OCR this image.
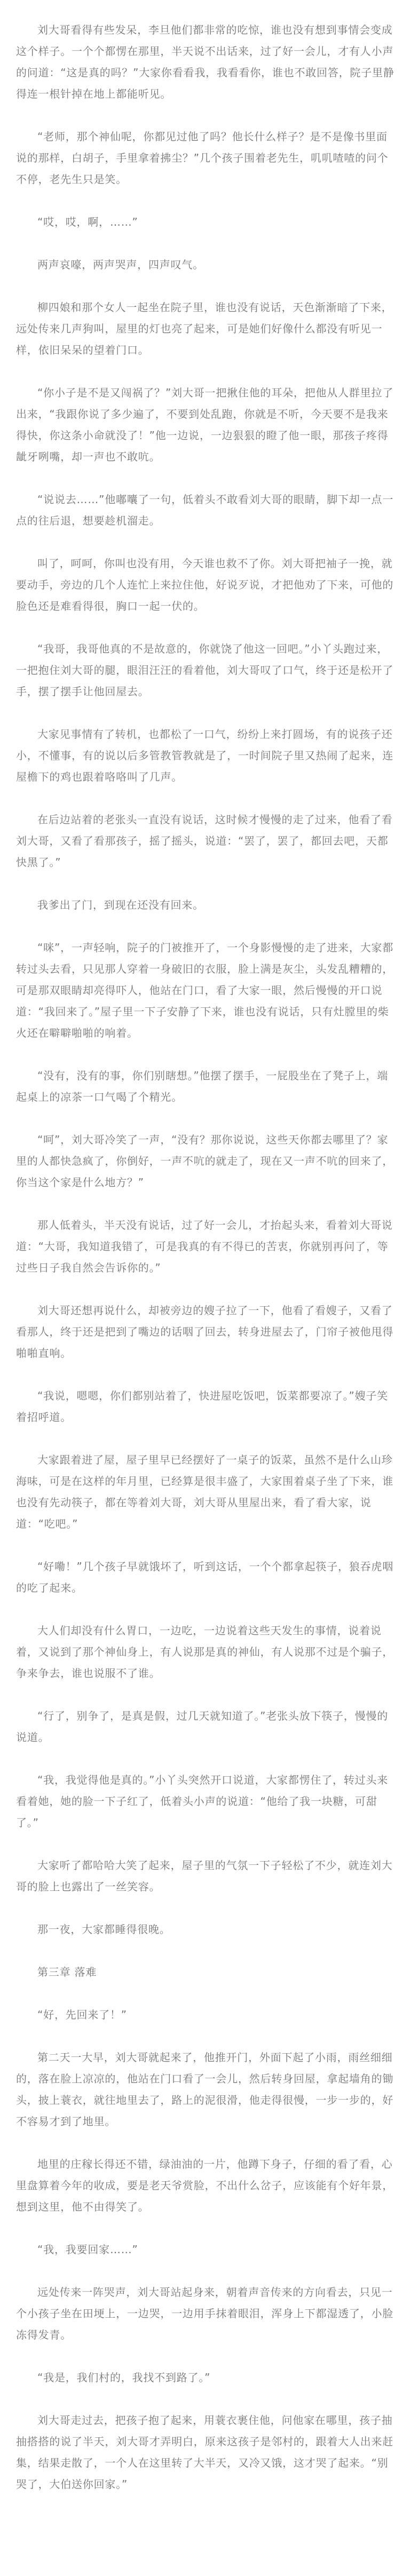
刘大哥看得有些发呆，李旦他们都非常的吃惊，谁也没有想到事情会变成这个样子。一个个都愣在那里，半天说不出话来，过了好一会儿，才有人小声的问道：“这是真的吗？”大家你看看我，我看看你，谁也不敢回答，院子里静得连一根针掉在地上都能听见。

“老师，那个神仙呢，你都见过他了吗？他长什么样子？是不是像书里面说的那样，白胡子，手里拿着拂尘？”几个孩子围着老先生，叽叽喳喳的问个不停，老先生只是笑。

“哎，哎，啊，……”

两声哀嚎，两声哭声，四声叹气。

柳四娘和那个女人一起坐在院子里，谁也没有说话，天色渐渐暗了下来，远处传来几声狗叫，屋里的灯也亮了起来，可是她们好像什么都没有听见一样，依旧呆呆的望着门口。

“你小子是不是又闯祸了？”刘大哥一把揪住他的耳朵，把他从人群里拉了出来，“我跟你说了多少遍了，不要到处乱跑，你就是不听，今天要不是我来得快，你这条小命就没了！”他一边说，一边狠狠的瞪了他一眼，那孩子疼得龇牙咧嘴，却一声也不敢吭。

“说说去……”他嘟囔了一句，低着头不敢看刘大哥的眼睛，脚下却一点一点的往后退，想要趁机溜走。

叫了，呵呵，你叫也没有用，今天谁也救不了你。刘大哥把袖子一挽，就要动手，旁边的几个人连忙上来拉住他，好说歹说，才把他劝了下来，可他的脸色还是难看得很，胸口一起一伏的。

“我哥，我哥他真的不是故意的，你就饶了他这一回吧。”小丫头跑过来，一把抱住刘大哥的腿，眼泪汪汪的看着他，刘大哥叹了口气，终于还是松开了手，摆了摆手让他回屋去。

大家见事情有了转机，也都松了一口气，纷纷上来打圆场，有的说孩子还小，不懂事，有的说以后多管教管教就是了，一时间院子里又热闹了起来，连屋檐下的鸡也跟着咯咯叫了几声。

在后边站着的老张头一直没有说话，这时候才慢慢的走了过来，他看了看刘大哥，又看了看那孩子，摇了摇头，说道：“罢了，罢了，都回去吧，天都快黑了。”

我爹出了门，到现在还没有回来。

“咪”，一声轻响，院子的门被推开了，一个身影慢慢的走了进来，大家都转过头去看，只见那人穿着一身破旧的衣服，脸上满是灰尘，头发乱糟糟的，可是那双眼睛却亮得吓人，他站在门口，看了大家一眼，然后慢慢的开口说道：“我回来了。”屋子里一下子安静了下来，谁也没有说话，只有灶膛里的柴火还在噼噼啪啪的响着。

“没有，没有的事，你们别瞎想。”他摆了摆手，一屁股坐在了凳子上，端起桌上的凉茶一口气喝了个精光。

“呵”，刘大哥冷笑了一声，“没有？那你说说，这些天你都去哪里了？家里的人都快急疯了，你倒好，一声不吭的就走了，现在又一声不吭的回来了，你当这个家是什么地方？”

那人低着头，半天没有说话，过了好一会儿，才抬起头来，看着刘大哥说道：“大哥，我知道我错了，可是我真的有不得已的苦衷，你就别再问了，等过些日子我自然会告诉你的。”

刘大哥还想再说什么，却被旁边的嫂子拉了一下，他看了看嫂子，又看了看那人，终于还是把到了嘴边的话咽了回去，转身进屋去了，门帘子被他甩得啪啪直响。

“我说，嗯嗯，你们都别站着了，快进屋吃饭吧，饭菜都要凉了。”嫂子笑着招呼道。

大家跟着进了屋，屋子里早已经摆好了一桌子的饭菜，虽然不是什么山珍海味，可是在这样的年月里，已经算是很丰盛了，大家围着桌子坐了下来，谁也没有先动筷子，都在等着刘大哥，刘大哥从里屋出来，看了看大家，说道：“吃吧。”

“好嘞！”几个孩子早就饿坏了，听到这话，一个个都拿起筷子，狼吞虎咽的吃了起来。

大人们却没有什么胃口，一边吃，一边说着这些天发生的事情，说着说着，又说到了那个神仙身上，有人说那是真的神仙，有人说那不过是个骗子，争来争去，谁也说服不了谁。

“行了，别争了，是真是假，过几天就知道了。”老张头放下筷子，慢慢的说道。

“我，我觉得他是真的。”小丫头突然开口说道，大家都愣住了，转过头来看着她，她的脸一下子红了，低着头小声的说道：“他给了我一块糖，可甜了。”

大家听了都哈哈大笑了起来，屋子里的气氛一下子轻松了不少，就连刘大哥的脸上也露出了一丝笑容。

那一夜，大家都睡得很晚。

第三章 落难

“好，先回来了！”

第二天一大早，刘大哥就起来了，他推开门，外面下起了小雨，雨丝细细的，落在脸上凉凉的，他站在门口看了一会儿，然后转身回屋，拿起墙角的锄头，披上蓑衣，就往地里去了，路上的泥很滑，他走得很慢，一步一步的，好不容易才到了地里。

地里的庄稼长得还不错，绿油油的一片，他蹲下身子，仔细的看了看，心里盘算着今年的收成，要是老天爷赏脸，不出什么岔子，应该能有个好年景，想到这里，他不由得笑了。

“我，我要回家……”

远处传来一阵哭声，刘大哥站起身来，朝着声音传来的方向看去，只见一个小孩子坐在田埂上，一边哭，一边用手抹着眼泪，浑身上下都湿透了，小脸冻得发青。

“我是，我们村的，我找不到路了。”

刘大哥走过去，把孩子抱了起来，用蓑衣裹住他，问他家在哪里，孩子抽抽搭搭的说了半天，刘大哥才弄明白，原来这孩子是邻村的，跟着大人出来赶集，结果走散了，一个人在这里转了大半天，又冷又饿，这才哭了起来。“别哭了，大伯送你回家。”
